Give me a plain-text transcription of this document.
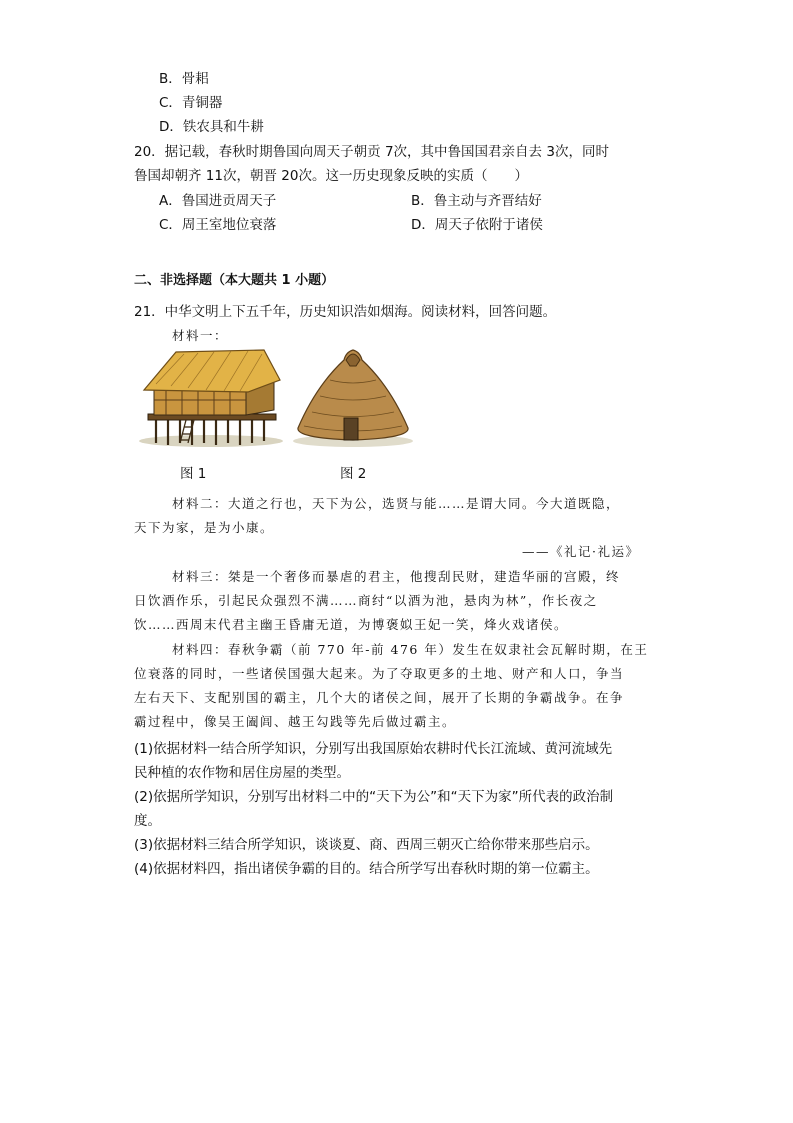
B．骨耜
C．青铜器
D．铁农具和牛耕
20．据记载，春秋时期鲁国向周天子朝贡 7次，其中鲁国国君亲自去 3次，同时
鲁国却朝齐 11次，朝晋 20次。这一历史现象反映的实质（　　）
A．鲁国进贡周天子	B．鲁主动与齐晋结好
C．周王室地位衰落	D．周天子依附于诸侯
二、非选择题（本大题共 1 小题）
21．中华文明上下五千年，历史知识浩如烟海。阅读材料，回答问题。
材料一：
图 1	图 2
材料二：大道之行也，天下为公，选贤与能……是谓大同。今大道既隐，
天下为家，是为小康。
——《礼记·礼运》
材料三：桀是一个奢侈而暴虐的君主，他搜刮民财，建造华丽的宫殿，终
日饮酒作乐，引起民众强烈不满……商纣“以酒为池，悬肉为林”，作长夜之
饮……西周末代君主幽王昏庸无道，为博褒姒王妃一笑，烽火戏诸侯。
材料四：春秋争霸（前 770 年-前 476 年）发生在奴隶社会瓦解时期，在王
位衰落的同时，一些诸侯国强大起来。为了夺取更多的土地、财产和人口，争当
左右天下、支配别国的霸主，几个大的诸侯之间，展开了长期的争霸战争。在争
霸过程中，像吴王阖闾、越王勾践等先后做过霸主。
(1)依据材料一结合所学知识，分别写出我国原始农耕时代长江流域、黄河流域先
民种植的农作物和居住房屋的类型。
(2)依据所学知识，分别写出材料二中的“天下为公”和“天下为家”所代表的政治制
度。
(3)依据材料三结合所学知识，谈谈夏、商、西周三朝灭亡给你带来那些启示。
(4)依据材料四，指出诸侯争霸的目的。结合所学写出春秋时期的第一位霸主。
